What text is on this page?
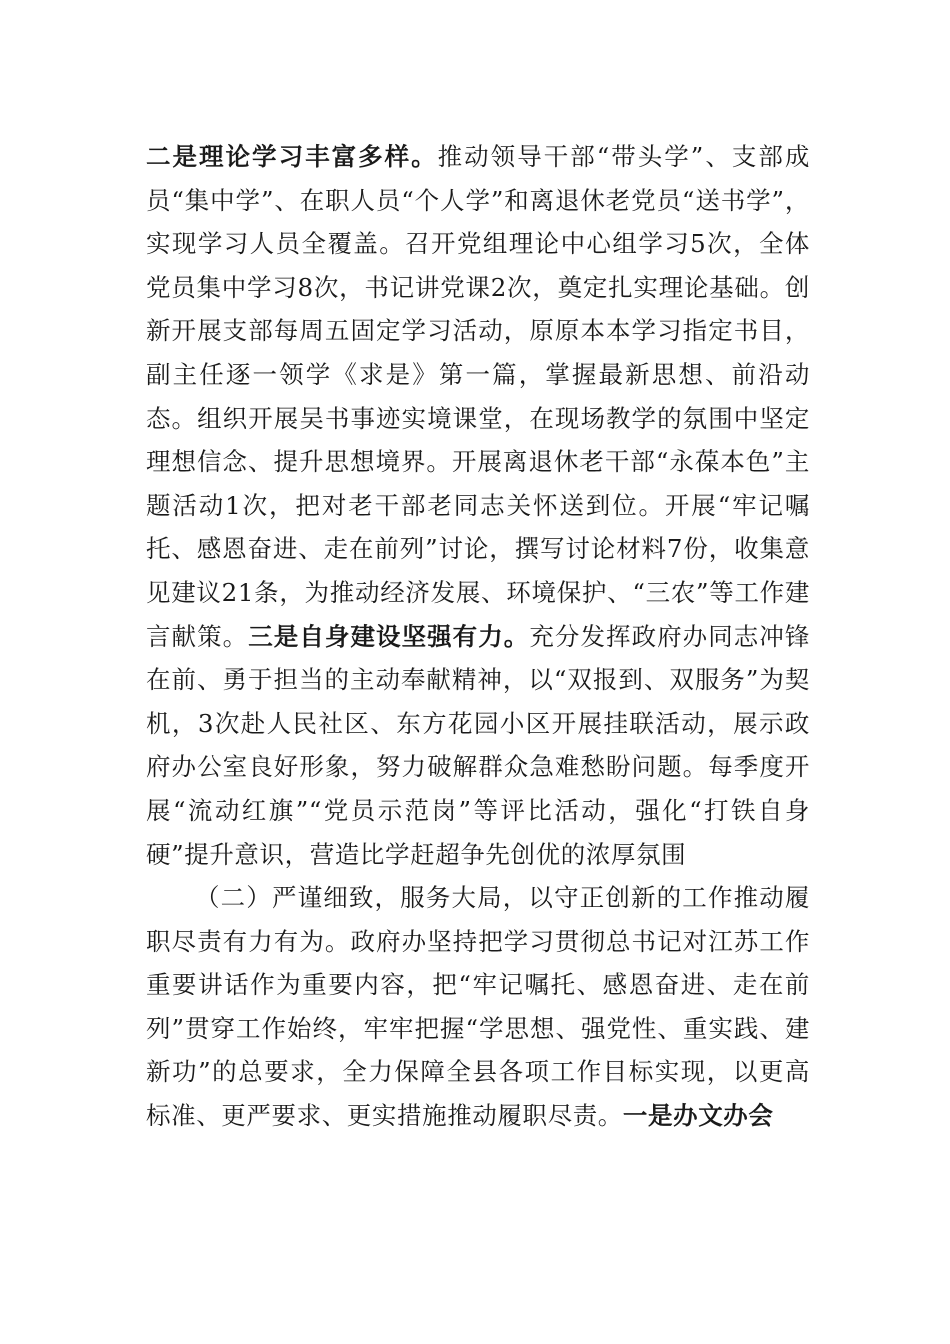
二是理论学习丰富多样。推动领导干部“带头学”、支部成员“集中学”、在职人员“个人学”和离退休老党员“送书学”，实现学习人员全覆盖。召开党组理论中心组学习5次，全体党员集中学习8次，书记讲党课2次，奠定扎实理论基础。创新开展支部每周五固定学习活动，原原本本学习指定书目，副主任逐一领学《求是》第一篇，掌握最新思想、前沿动态。组织开展吴书事迹实境课堂，在现场教学的氛围中坚定理想信念、提升思想境界。开展离退休老干部“永葆本色”主题活动1次，把对老干部老同志关怀送到位。开展“牢记嘱托、感恩奋进、走在前列”讨论，撰写讨论材料7份，收集意见建议21条，为推动经济发展、环境保护、“三农”等工作建言献策。三是自身建设坚强有力。充分发挥政府办同志冲锋在前、勇于担当的主动奉献精神，以“双报到、双服务”为契机，3次赴人民社区、东方花园小区开展挂联活动，展示政府办公室良好形象，努力破解群众急难愁盼问题。每季度开展“流动红旗”“党员示范岗”等评比活动，强化“打铁自身硬”提升意识，营造比学赶超争先创优的浓厚氛围

（二）严谨细致，服务大局，以守正创新的工作推动履职尽责有力有为。政府办坚持把学习贯彻总书记对江苏工作重要讲话作为重要内容，把“牢记嘱托、感恩奋进、走在前列”贯穿工作始终，牢牢把握“学思想、强党性、重实践、建新功”的总要求，全力保障全县各项工作目标实现，以更高标准、更严要求、更实措施推动履职尽责。一是办文办会
